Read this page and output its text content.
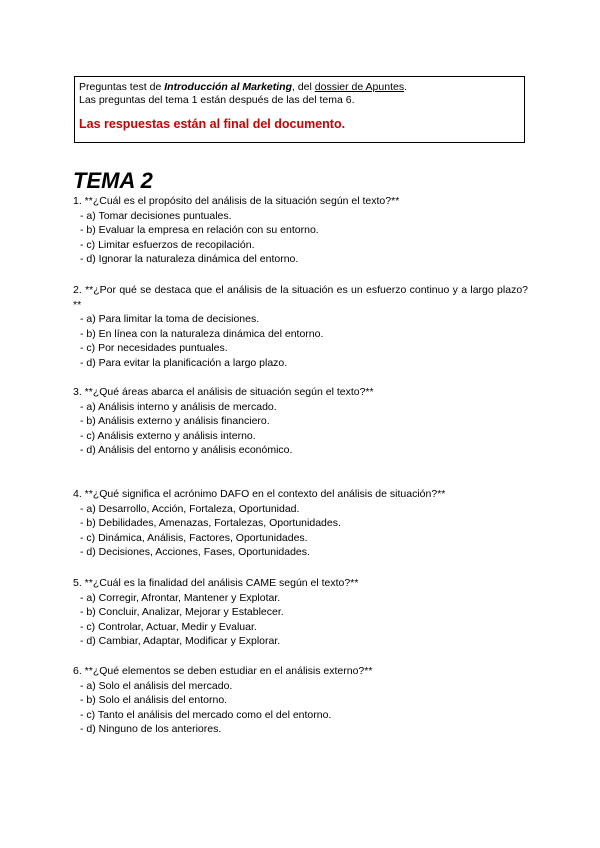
Preguntas test de Introducción al Marketing, del dossier de Apuntes.
Las preguntas del tema 1 están después de las del tema 6.
Las respuestas están al final del documento.
TEMA 2
1. **¿Cuál es el propósito del análisis de la situación según el texto?**
- a) Tomar decisiones puntuales.
- b) Evaluar la empresa en relación con su entorno.
- c) Limitar esfuerzos de recopilación.
- d) Ignorar la naturaleza dinámica del entorno.
2. **¿Por qué se destaca que el análisis de la situación es un esfuerzo continuo y a largo plazo?**
- a) Para limitar la toma de decisiones.
- b) En línea con la naturaleza dinámica del entorno.
- c) Por necesidades puntuales.
- d) Para evitar la planificación a largo plazo.
3. **¿Qué áreas abarca el análisis de situación según el texto?**
- a) Análisis interno y análisis de mercado.
- b) Análisis externo y análisis financiero.
- c) Análisis externo y análisis interno.
- d) Análisis del entorno y análisis económico.
4. **¿Qué significa el acrónimo DAFO en el contexto del análisis de situación?**
- a) Desarrollo, Acción, Fortaleza, Oportunidad.
- b) Debilidades, Amenazas, Fortalezas, Oportunidades.
- c) Dinámica, Análisis, Factores, Oportunidades.
- d) Decisiones, Acciones, Fases, Oportunidades.
5. **¿Cuál es la finalidad del análisis CAME según el texto?**
- a) Corregir, Afrontar, Mantener y Explotar.
- b) Concluir, Analizar, Mejorar y Establecer.
- c) Controlar, Actuar, Medir y Evaluar.
- d) Cambiar, Adaptar, Modificar y Explorar.
6. **¿Qué elementos se deben estudiar en el análisis externo?**
- a) Solo el análisis del mercado.
- b) Solo el análisis del entorno.
- c) Tanto el análisis del mercado como el del entorno.
- d) Ninguno de los anteriores.
